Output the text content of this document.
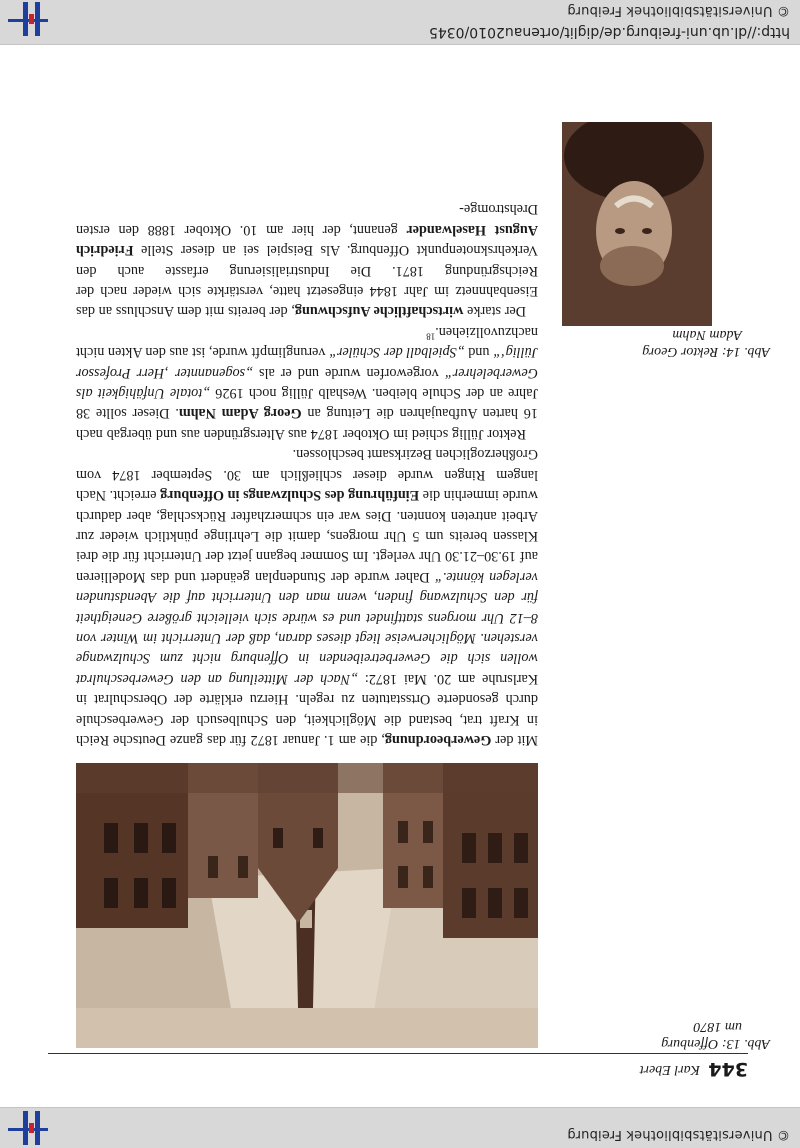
© Universitätsbibliothek Freiburg
344
Karl Ebert
Abb. 13: Offenburg
um 1870

Mit der Gewerbeordnung, die am 1. Januar 1872 für das ganze Deutsche Reich in Kraft trat, bestand die Möglichkeit, den Schulbesuch der Gewerbeschule durch gesonderte Ortsstatuten zu regeln. Hierzu erklärte der Oberschulrat in Karlsruhe am 20. Mai 1872: „Nach der Mitteilung an den Gewerbeschulrat wollen sich die Gewerbetreibenden in Offenburg nicht zum Schulzwange verstehen. Möglicherweise liegt dieses daran, daß der Unterricht im Winter von 8–12 Uhr morgens stattfindet und es würde sich vielleicht größere Geneigtheit für den Schulzwang finden, wenn man den Unterricht auf die Abendstunden verlegen könnte.“ Daher wurde der Stundenplan geändert und das Modellieren auf 19.30–21.30 Uhr verlegt. Im Sommer begann jetzt der Unterricht für die drei Klassen bereits um 5 Uhr morgens, damit die Lehrlinge pünktlich wieder zur Arbeit antreten konnten. Dies war ein schmerzhafter Rückschlag, aber dadurch wurde immerhin die Einführung des Schulzwangs in Offenburg erreicht. Nach langem Ringen wurde dieser schließlich am 30. September 1874 vom Großherzoglichen Bezirksamt beschlossen.

Rektor Jüllig schied im Oktober 1874 aus Altersgründen aus und übergab nach 16 harten Aufbaujahren die Leitung an Georg Adam Nahm. Dieser sollte 38 Jahre an der Schule bleiben. Weshalb Jüllig noch 1926 „totale Unfähigkeit als Gewerbelehrer“ vorgeworfen wurde und er als „sogenannter ‚Herr Professor Jüllig‘“ und „Spielball der Schüler“ verunglimpft wurde, ist aus den Akten nicht nachzuvollziehen.$^{18}$

Der starke wirtschaftliche Aufschwung, der bereits mit dem Anschluss an das Eisenbahnnetz im Jahr 1844 eingesetzt hatte, verstärkte sich wieder nach der Reichsgründung 1871. Die Industrialisierung erfasste auch den Verkehrsknotenpunkt Offenburg. Als Beispiel sei an dieser Stelle Friedrich August Haselwander genannt, der hier am 10. Oktober 1888 den ersten Drehstromge-

Abb. 14: Rektor Georg
Adam Nahm
© Universitätsbibliothek Freiburg
http://dl.ub.uni-freiburg.de/diglit/ortenau2010/0345
